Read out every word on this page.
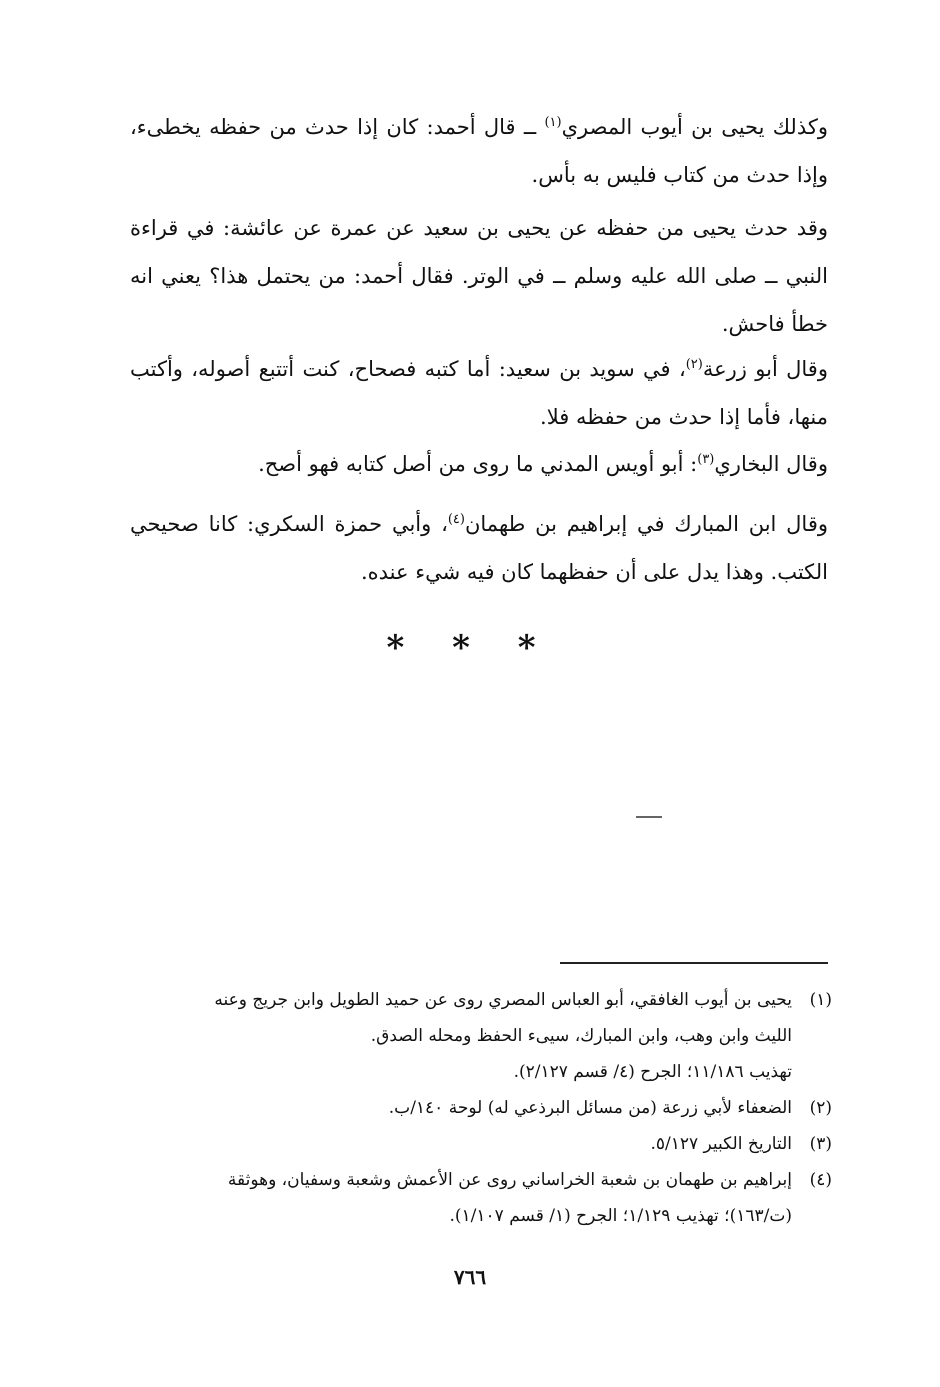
وكذلك يحيى بن أيوب المصري$^{(١)}$ ــ قال أحمد: كان إذا حدث من حفظه يخطىء، وإذا حدث من كتاب فليس به بأس.

وقد حدث يحيى من حفظه عن يحيى بن سعيد عن عمرة عن عائشة: في قراءة النبي ــ صلى الله عليه وسلم ــ في الوتر. فقال أحمد: من يحتمل هذا؟ يعني انه خطأ فاحش.

وقال أبو زرعة$^{(٢)}$، في سويد بن سعيد: أما كتبه فصحاح، كنت أتتبع أصوله، وأكتب منها، فأما إذا حدث من حفظه فلا.

وقال البخاري$^{(٣)}$: أبو أويس المدني ما روى من أصل كتابه فهو أصح.

وقال ابن المبارك في إبراهيم بن طهمان$^{(٤)}$، وأبي حمزة السكري: كانا صحيحي الكتب. وهذا يدل على أن حفظهما كان فيه شيء عنده.

* * *

(١)
يحيى بن أيوب الغافقي، أبو العباس المصري روى عن حميد الطويل وابن جريج وعنه
الليث وابن وهب، وابن المبارك، سيىء الحفظ ومحله الصدق.
تهذيب ١١/١٨٦؛ الجرح (٤/ قسم ٢/١٢٧).
(٢)
الضعفاء لأبي زرعة (من مسائل البرذعي له) لوحة ١٤٠/ب.
(٣)
التاريخ الكبير ٥/١٢٧.
(٤)
إبراهيم بن طهمان بن شعبة الخراساني روى عن الأعمش وشعبة وسفيان، وهوثقة
(ت/١٦٣)؛ تهذيب ١/١٢٩؛ الجرح (١/ قسم ١/١٠٧).

٧٦٦
